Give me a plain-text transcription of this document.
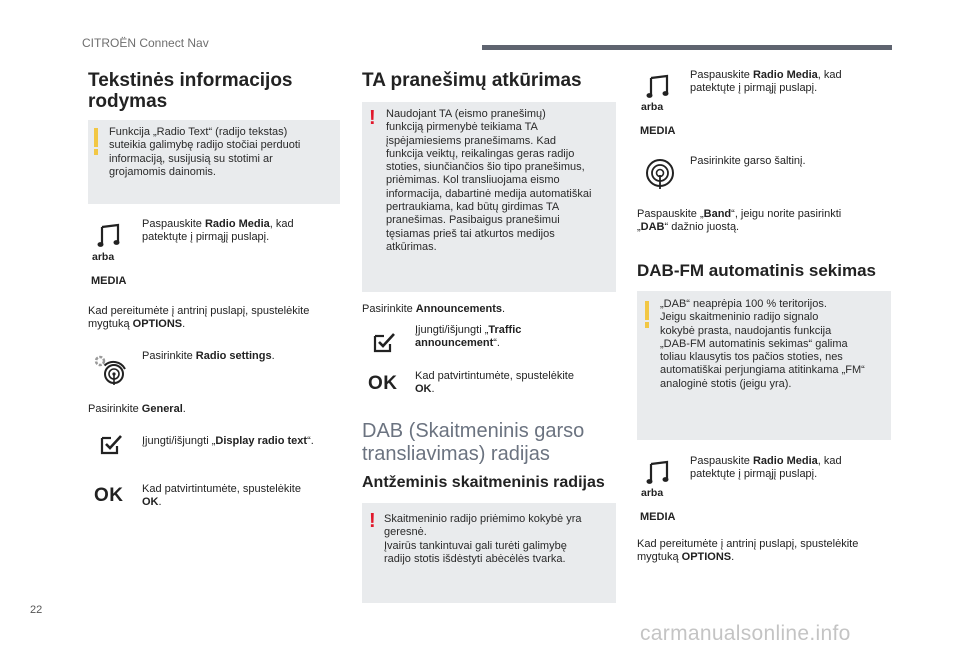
CITROËN Connect Nav
Tekstinės informacijos
rodymas
Funkcija „Radio Text“ (radijo tekstas)
suteikia galimybę radijo stočiai perduoti
informaciją, susijusią su stotimi ar
grojamomis dainomis.
arba
MEDIA
Paspauskite Radio Media, kad
patektųte į pirmąjį puslapį.
Kad pereitumėte į antrinį puslapį, spustelėkite
mygtuką OPTIONS.
Pasirinkite Radio settings.
Pasirinkite General.
Įjungti/išjungti „Display radio text“.
OK Kad patvirtintumėte, spustelėkite
OK.
TA pranešimų atkūrimas
! Naudojant TA (eismo pranešimų)
funkciją pirmenybė teikiama TA
įspėjamiesiems pranešimams. Kad
funkcija veiktų, reikalingas geras radijo
stoties, siunčiančios šio tipo pranešimus,
priėmimas. Kol transliuojama eismo
informacija, dabartinė medija automatiškai
pertraukiama, kad būtų girdimas TA
pranešimas. Pasibaigus pranešimui
tęsiamas prieš tai atkurtos medijos
atkūrimas.
Pasirinkite Announcements.
Įjungti/išjungti „Traffic
announcement“.
OK Kad patvirtintumėte, spustelėkite
OK.
DAB (Skaitmeninis garso
transliavimas) radijas
Antžeminis skaitmeninis radijas
! Skaitmeninio radijo priėmimo kokybė yra
geresnė.
Įvairūs tankintuvai gali turėti galimybę
radijo stotis išdėstyti abėcėlės tvarka.
arba
MEDIA
Paspauskite Radio Media, kad
patektųte į pirmąjį puslapį.
Pasirinkite garso šaltinį.
Paspauskite „Band“, jeigu norite pasirinkti
„DAB“ dažnio juostą.
DAB-FM automatinis sekimas
„DAB“ neaprėpia 100 % teritorijos.
Jeigu skaitmeninio radijo signalo
kokybė prasta, naudojantis funkcija
„DAB-FM automatinis sekimas“ galima
toliau klausytis tos pačios stoties, nes
automatiškai perjungiama atitinkama „FM“
analoginė stotis (jeigu yra).
arba
MEDIA
Paspauskite Radio Media, kad
patektųte į pirmąjį puslapį.
Kad pereitumėte į antrinį puslapį, spustelėkite
mygtuką OPTIONS.
22
carmanualsonline.info
